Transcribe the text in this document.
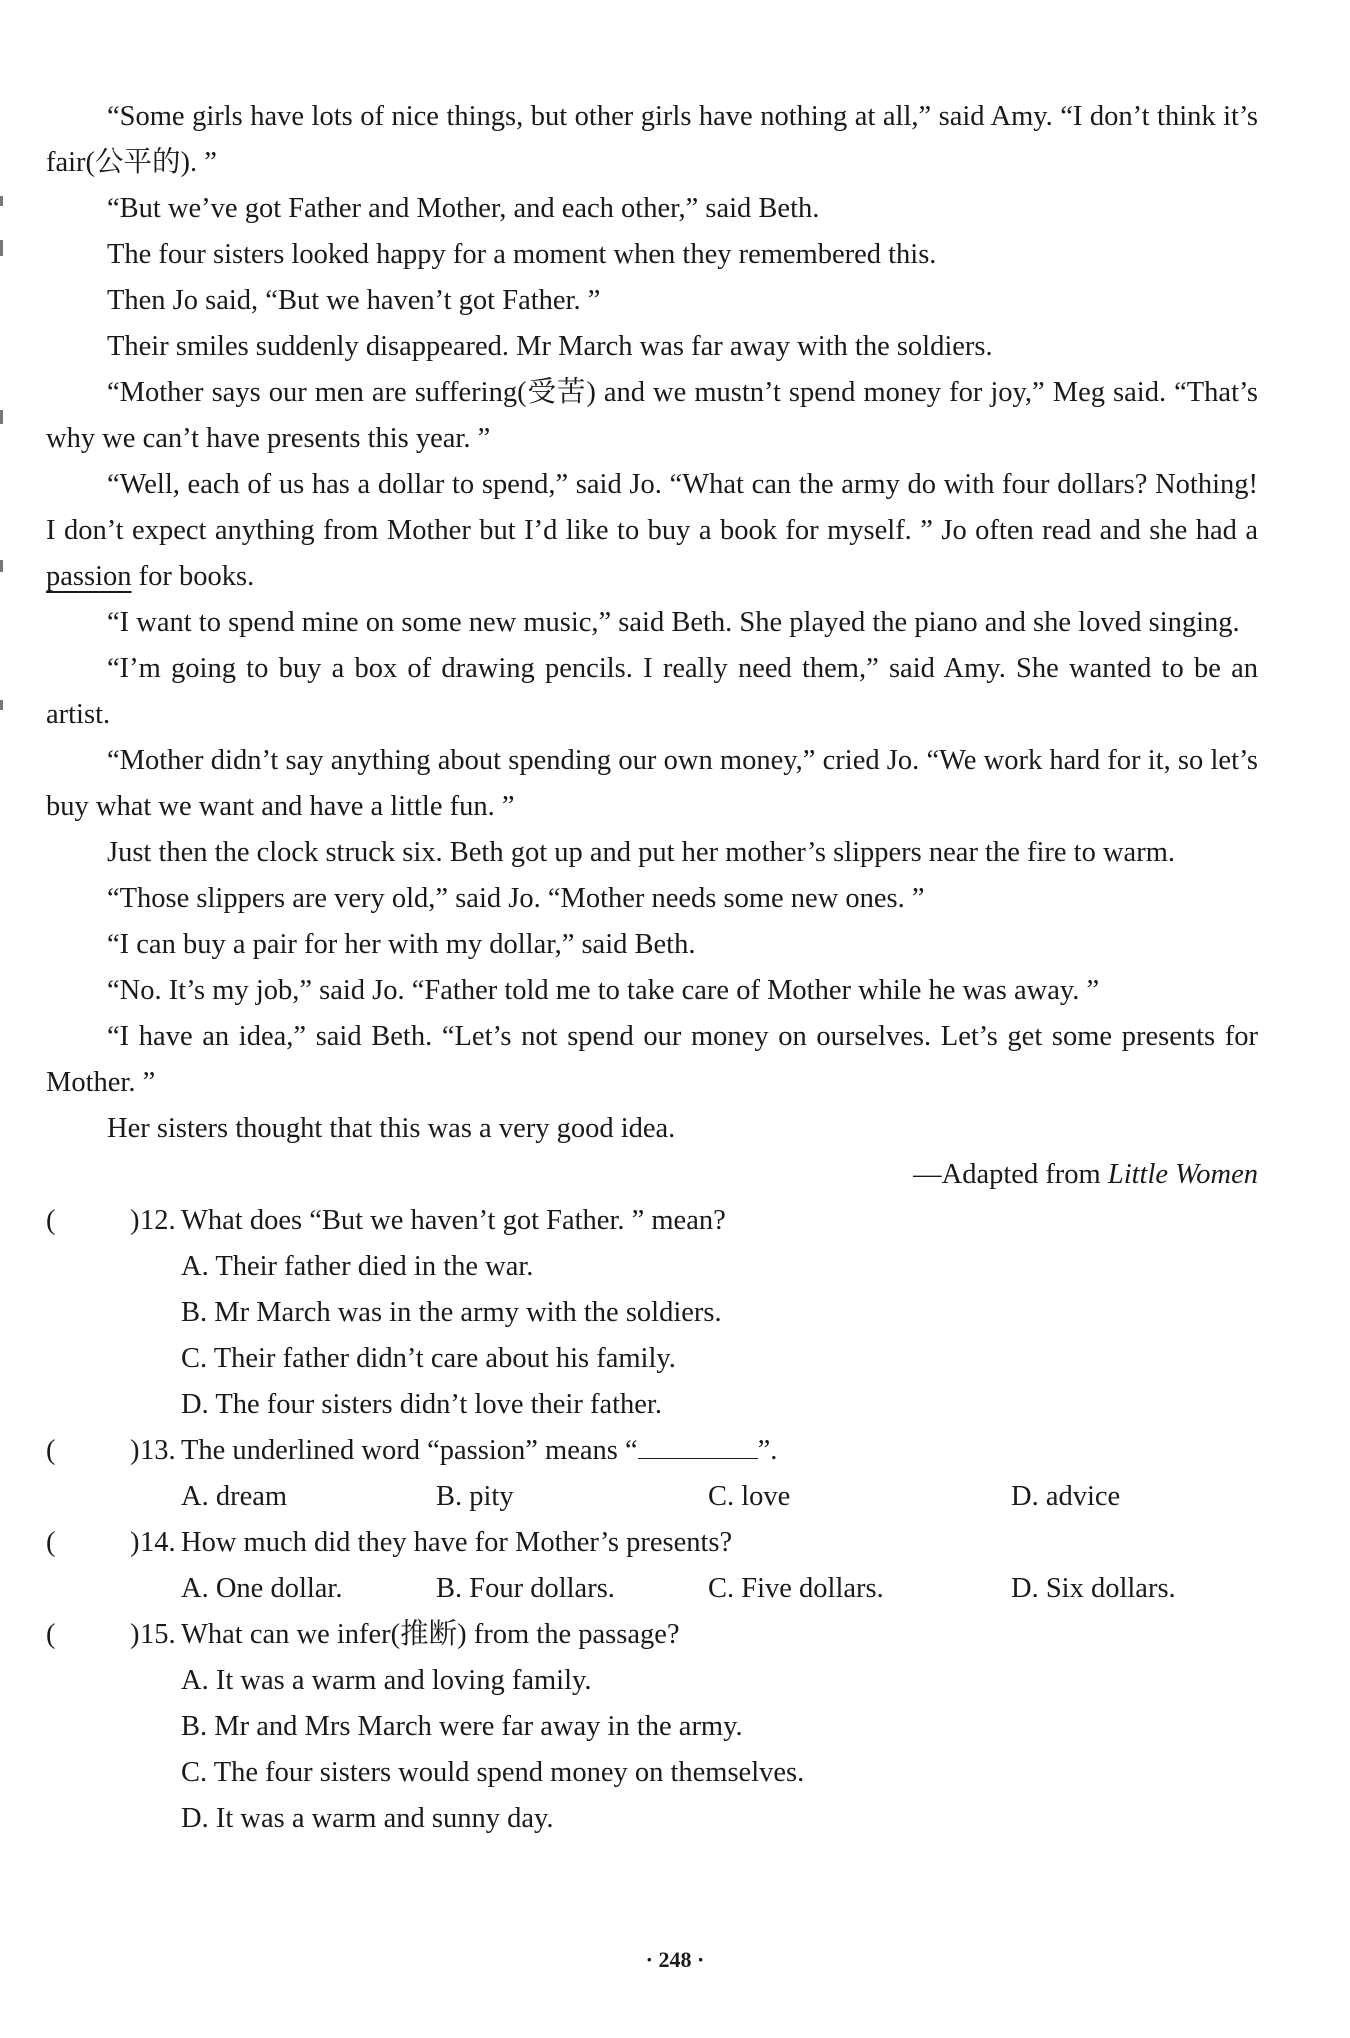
“Some girls have lots of nice things, but other girls have nothing at all,” said Amy. “I don’t think it’s fair(公平的). ”

“But we’ve got Father and Mother, and each other,” said Beth.

The four sisters looked happy for a moment when they remembered this.

Then Jo said, “But we haven’t got Father. ”

Their smiles suddenly disappeared. Mr March was far away with the soldiers.

“Mother says our men are suffering(受苦) and we mustn’t spend money for joy,” Meg said. “That’s why we can’t have presents this year. ”

“Well, each of us has a dollar to spend,” said Jo. “What can the army do with four dollars? Nothing! I don’t expect anything from Mother but I’d like to buy a book for myself. ” Jo often read and she had a passion for books.

“I want to spend mine on some new music,” said Beth. She played the piano and she loved singing.

“I’m going to buy a box of drawing pencils. I really need them,” said Amy. She wanted to be an artist.

“Mother didn’t say anything about spending our own money,” cried Jo. “We work hard for it, so let’s buy what we want and have a little fun. ”

Just then the clock struck six. Beth got up and put her mother’s slippers near the fire to warm.

“Those slippers are very old,” said Jo. “Mother needs some new ones. ”

“I can buy a pair for her with my dollar,” said Beth.

“No. It’s my job,” said Jo. “Father told me to take care of Mother while he was away. ”

“I have an idea,” said Beth. “Let’s not spend our money on ourselves. Let’s get some presents for Mother. ”

Her sisters thought that this was a very good idea.

—Adapted from Little Women

(	) 12. What does “But we haven’t got Father. ” mean?

A. Their father died in the war.

B. Mr March was in the army with the soldiers.

C. Their father didn’t care about his family.

D. The four sisters didn’t love their father.

(	) 13. The underlined word “passion” means “	”.

A. dream	B. pity	C. love	D. advice

(	) 14. How much did they have for Mother’s presents?

A. One dollar.	B. Four dollars.	C. Five dollars.	D. Six dollars.

(	) 15. What can we infer(推断) from the passage?

A. It was a warm and loving family.

B. Mr and Mrs March were far away in the army.

C. The four sisters would spend money on themselves.

D. It was a warm and sunny day.

· 248 ·
